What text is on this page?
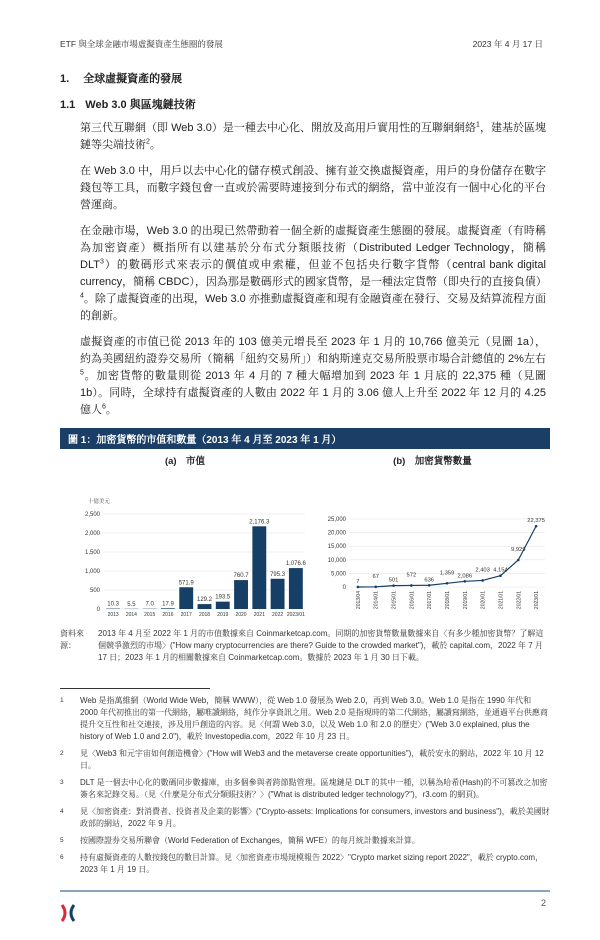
ETF 與全球金融市場虛擬資產生態圈的發展	2023 年 4 月 17 日
1. 全球虛擬資產的發展
1.1 Web 3.0 與區塊鏈技術
第三代互聯網（即 Web 3.0）是一種去中心化、開放及高用戶實用性的互聯網網絡$^1$，建基於區塊鏈等尖端技術$^2$。
在 Web 3.0 中，用戶以去中心化的儲存模式創設、擁有並交換虛擬資產，用戶的身份儲存在數字錢包等工具，而數字錢包會一直或於需要時連接到分布式的網絡，當中並沒有一個中心化的平台營運商。
在金融市場，Web 3.0 的出現已然帶動着一個全新的虛擬資產生態圈的發展。虛擬資產（有時稱為加密資產）概指所有以建基於分布式分類賬技術（Distributed Ledger Technology，簡稱 DLT$^3$）的數碼形式來表示的價值或申索權，但並不包括央行數字貨幣（central bank digital currency，簡稱 CBDC），因為那是數碼形式的國家貨幣，是一種法定貨幣（即央行的直接負債）$^4$。除了虛擬資產的出現，Web 3.0 亦推動虛擬資產和現有金融資產在發行、交易及結算流程方面的創新。
虛擬資產的市值已從 2013 年的 103 億美元增長至 2023 年 1 月的 10,766 億美元（見圖 1a），約為美國紐約證券交易所（簡稱「紐約交易所」）和納斯達克交易所股票市場合計總值的 2%左右$^5$。加密貨幣的數量則從 2013 年 4 月的 7 種大幅增加到 2023 年 1 月底的 22,375 種（見圖 1b）。同時，全球持有虛擬資產的人數由 2022 年 1 月的 3.06 億人上升至 2022 年 12 月的 4.25 億人$^6$。
圖 1：加密貨幣的市值和數量（2013 年 4 月至 2023 年 1 月）
(a)　市值
十億美元
0
500
1,000
1,500
2,000
2,500
10.3
2013
5.5
2014
7.0
2015
17.9
2016
571.9
2017
129.2
2018
193.5
2019
760.7
2020
2,176.3
2021
795.3
2022
1,076.6
2023/01
(b)　加密貨幣數量
0
5,000
10,000
15,000
20,000
25,000
7
2013/04
67
2014/01
501
2015/01
572
2016/01
636
2017/01
1,359
2018/01
2,086
2019/01
2,403
2020/01
4,154
2021/01
9,929
2022/01
22,375
2023/01
資料來源：
2013 年 4 月至 2022 年 1 月的市值數據來自 Coinmarketcap.com。同期的加密貨幣數量數據來自〈有多少種加密貨幣？了解這個競爭激烈的市場〉("How many cryptocurrencies are there? Guide to the crowded market")，載於 capital.com，2022 年 7 月 17 日；2023 年 1 月的相關數據來自 Coinmarketcap.com。數據於 2023 年 1 月 30 日下載。
1	Web 是指萬維網（World Wide Web，簡稱 WWW），從 Web 1.0 發展為 Web 2.0，再到 Web 3.0。Web 1.0 是指在 1990 年代和 2000 年代初推出的第一代網絡，屬唯讀網絡，純作分享資訊之用。Web 2.0 是指現時的第二代網絡，屬讀寫網絡，並通過平台供應商提升交互性和社交連接，涉及用戶創造的內容。見〈何謂 Web 3.0，以及 Web 1.0 和 2.0 的歷史〉("Web 3.0 explained, plus the history of Web 1.0 and 2.0")，載於 Investopedia.com，2022 年 10 月 23 日。
2	見〈Web3 和元宇宙如何創造機會〉("How will Web3 and the metaverse create opportunities")，載於安永的網站，2022 年 10 月 12 日。
3	DLT 是一個去中心化的數碼同步數據庫，由多個參與者跨節點管理。區塊鏈是 DLT 的其中一種，以稱為哈希(Hash)的不可篡改之加密簽名來記錄交易。（見〈什麼是分布式分類賬技術？〉("What is distributed ledger technology?")，r3.com 的網頁)。
4	見〈加密資產：對消費者、投資者及企業的影響〉("Crypto-assets: Implications for consumers, investors and business")，載於美國財政部的網站，2022 年 9 月。
5	按國際證券交易所聯會（World Federation of Exchanges，簡稱 WFE）的每月統計數據來計算。
6	持有虛擬資產的人數按錢包的數目計算。見〈加密資產市場規模報告 2022〉"Crypto market sizing report 2022"，載於 crypto.com，2023 年 1 月 19 日。
2
